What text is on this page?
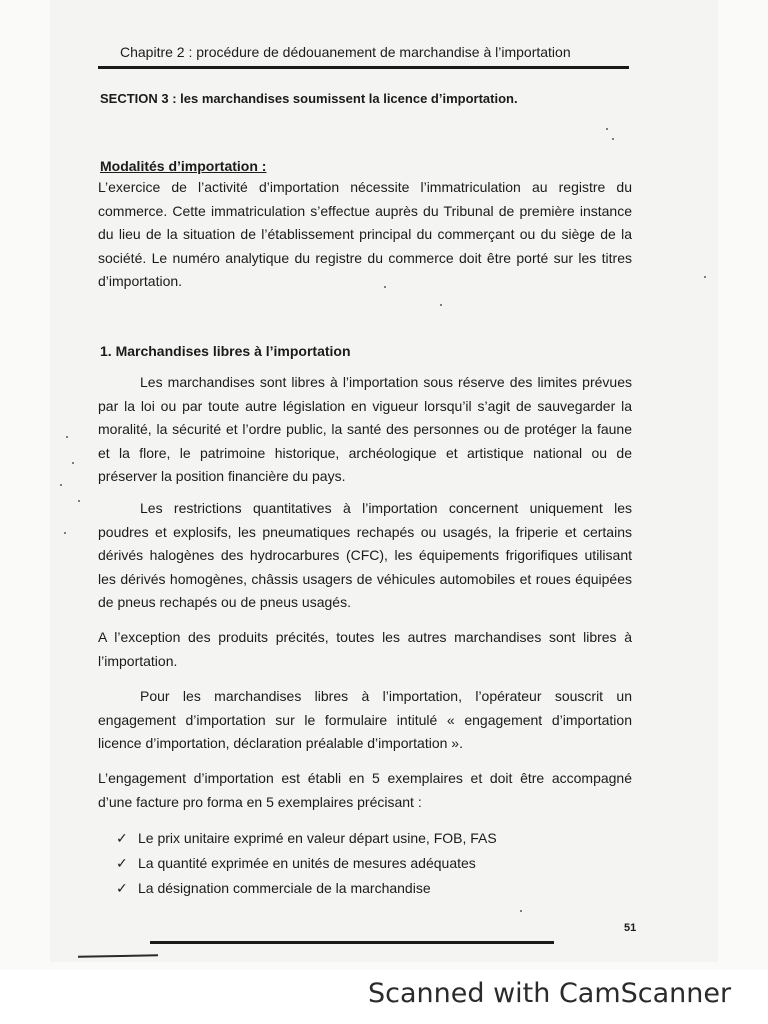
Chapitre 2 : procédure de dédouanement de marchandise à l’importation
SECTION 3 : les marchandises soumissent la licence d’importation.
Modalités d’importation :

L’exercice de l’activité d’importation nécessite l’immatriculation au registre du commerce. Cette immatriculation s’effectue auprès du Tribunal de première instance du lieu de la situation de l’établissement principal du commerçant ou du siège de la société. Le numéro analytique du registre du commerce doit être porté sur les titres d’importation.

1. Marchandises libres à l’importation

Les marchandises sont libres à l’importation sous réserve des limites prévues par la loi ou par toute autre législation en vigueur lorsqu’il s’agit de sauvegarder la moralité, la sécurité et l’ordre public, la santé des personnes ou de protéger la faune et la flore, le patrimoine historique, archéologique et artistique national ou de préserver la position financière du pays.

Les restrictions quantitatives à l’importation concernent uniquement les poudres et explosifs, les pneumatiques rechapés ou usagés, la friperie et certains dérivés halogènes des hydrocarbures (CFC), les équipements frigorifiques utilisant les dérivés homogènes, châssis usagers de véhicules automobiles et roues équipées de pneus rechapés ou de pneus usagés.

A l’exception des produits précités, toutes les autres marchandises sont libres à l’importation.

Pour les marchandises libres à l’importation, l’opérateur souscrit un engagement d’importation sur le formulaire intitulé « engagement d’importation licence d’importation, déclaration préalable d’importation ».

L’engagement d’importation est établi en 5 exemplaires et doit être accompagné d’une facture pro forma en 5 exemplaires précisant :

✓ Le prix unitaire exprimé en valeur départ usine, FOB, FAS
✓ La quantité exprimée en unités de mesures adéquates
✓ La désignation commerciale de la marchandise
51
Scanned with CamScanner
